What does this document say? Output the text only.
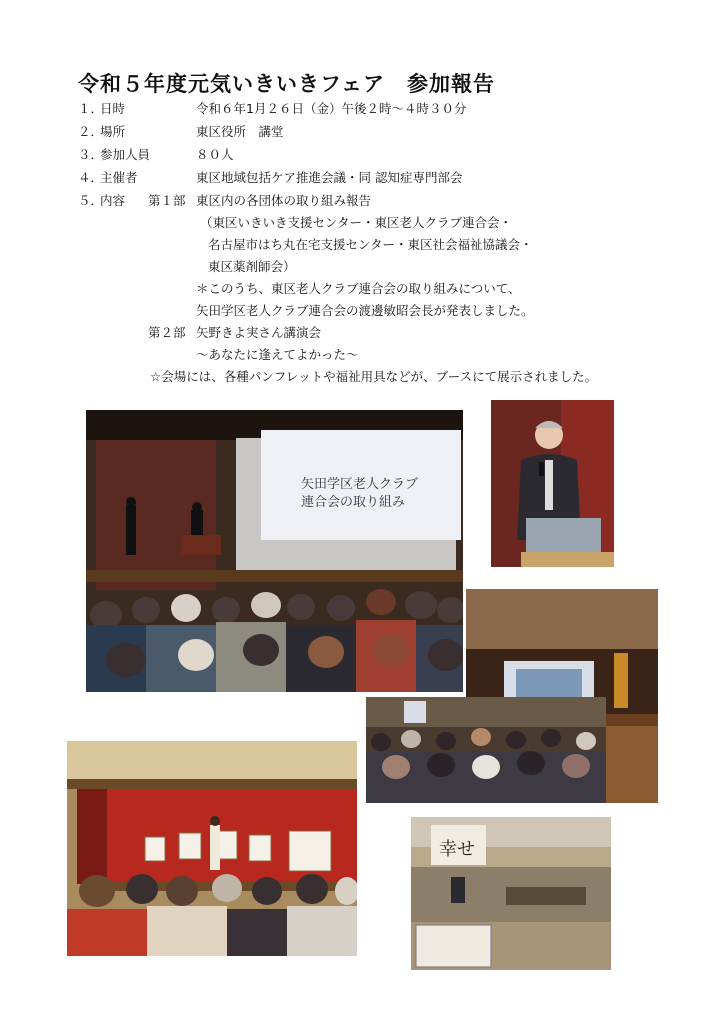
令和５年度元気いきいきフェア　参加報告
１．
日時	令和６年1月２６日（金）午後２時～４時３０分
２．
場所	東区役所　講堂
３．
参加人員	８０人
４．
主催者	東区地域包括ケア推進会議・同 認知症専門部会
５．
内容 第１部 東区内の各団体の取り組み報告
（東区いきいき支援センター・東区老人クラブ連合会・
名古屋市はち丸在宅支援センター・東区社会福祉協議会・
東区薬剤師会）
＊このうち、東区老人クラブ連合会の取り組みについて、
矢田学区老人クラブ連合会の渡邊敏昭会長が発表しました。
第２部 矢野きよ実さん講演会
～あなたに逢えてよかった～
☆会場には、各種パンフレットや福祉用具などが、ブースにて展示されました。
矢田学区老人クラブ
連合会の取り組み
幸せ
